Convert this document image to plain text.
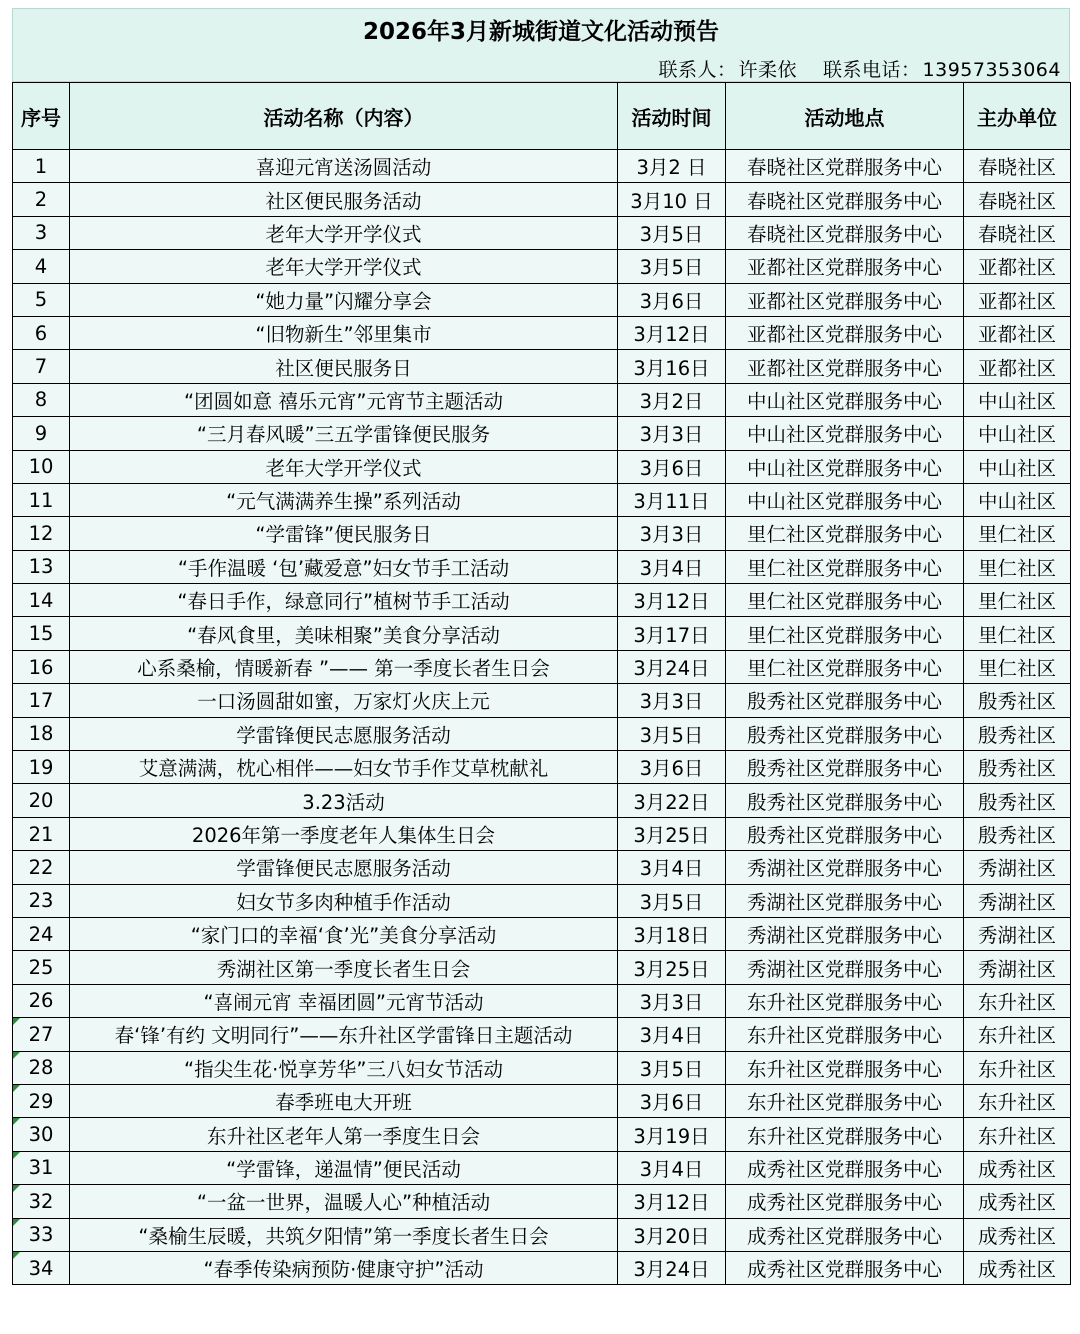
2026年3月新城街道文化活动预告
联系人： 许柔依 联系电话： 13957353064
序号	活动名称（内容）	活动时间	活动地点	主办单位
1	喜迎元宵送汤圆活动	3月2 日	春晓社区党群服务中心	春晓社区
2	社区便民服务活动	3月10 日	春晓社区党群服务中心	春晓社区
3	老年大学开学仪式	3月5日	春晓社区党群服务中心	春晓社区
4	老年大学开学仪式	3月5日	亚都社区党群服务中心	亚都社区
5	“她力量”闪耀分享会	3月6日	亚都社区党群服务中心	亚都社区
6	“旧物新生”邻里集市	3月12日	亚都社区党群服务中心	亚都社区
7	社区便民服务日	3月16日	亚都社区党群服务中心	亚都社区
8	“团圆如意 禧乐元宵”元宵节主题活动	3月2日	中山社区党群服务中心	中山社区
9	“三月春风暖”三五学雷锋便民服务	3月3日	中山社区党群服务中心	中山社区
10	老年大学开学仪式	3月6日	中山社区党群服务中心	中山社区
11	“元气满满养生操”系列活动	3月11日	中山社区党群服务中心	中山社区
12	“学雷锋”便民服务日	3月3日	里仁社区党群服务中心	里仁社区
13	“手作温暖 ‘包’藏爱意”妇女节手工活动	3月4日	里仁社区党群服务中心	里仁社区
14	“春日手作，绿意同行”植树节手工活动	3月12日	里仁社区党群服务中心	里仁社区
15	“春风食里，美味相聚”美食分享活动	3月17日	里仁社区党群服务中心	里仁社区
16	心系桑榆，情暖新春 ”—— 第一季度长者生日会	3月24日	里仁社区党群服务中心	里仁社区
17	一口汤圆甜如蜜，万家灯火庆上元	3月3日	殷秀社区党群服务中心	殷秀社区
18	学雷锋便民志愿服务活动	3月5日	殷秀社区党群服务中心	殷秀社区
19	艾意满满，枕心相伴——妇女节手作艾草枕献礼	3月6日	殷秀社区党群服务中心	殷秀社区
20	3.23活动	3月22日	殷秀社区党群服务中心	殷秀社区
21	2026年第一季度老年人集体生日会	3月25日	殷秀社区党群服务中心	殷秀社区
22	学雷锋便民志愿服务活动	3月4日	秀湖社区党群服务中心	秀湖社区
23	妇女节多肉种植手作活动	3月5日	秀湖社区党群服务中心	秀湖社区
24	“家门口的幸福‘食’光”美食分享活动	3月18日	秀湖社区党群服务中心	秀湖社区
25	秀湖社区第一季度长者生日会	3月25日	秀湖社区党群服务中心	秀湖社区
26	“喜闹元宵 幸福团圆”元宵节活动	3月3日	东升社区党群服务中心	东升社区
27	春‘锋’有约 文明同行”——东升社区学雷锋日主题活动	3月4日	东升社区党群服务中心	东升社区
28	“指尖生花·悦享芳华”三八妇女节活动	3月5日	东升社区党群服务中心	东升社区
29	春季班电大开班	3月6日	东升社区党群服务中心	东升社区
30	东升社区老年人第一季度生日会	3月19日	东升社区党群服务中心	东升社区
31	“学雷锋，递温情”便民活动	3月4日	成秀社区党群服务中心	成秀社区
32	“一盆一世界，温暖人心”种植活动	3月12日	成秀社区党群服务中心	成秀社区
33	“桑榆生辰暖，共筑夕阳情”第一季度长者生日会	3月20日	成秀社区党群服务中心	成秀社区
34	“春季传染病预防·健康守护”活动	3月24日	成秀社区党群服务中心	成秀社区
